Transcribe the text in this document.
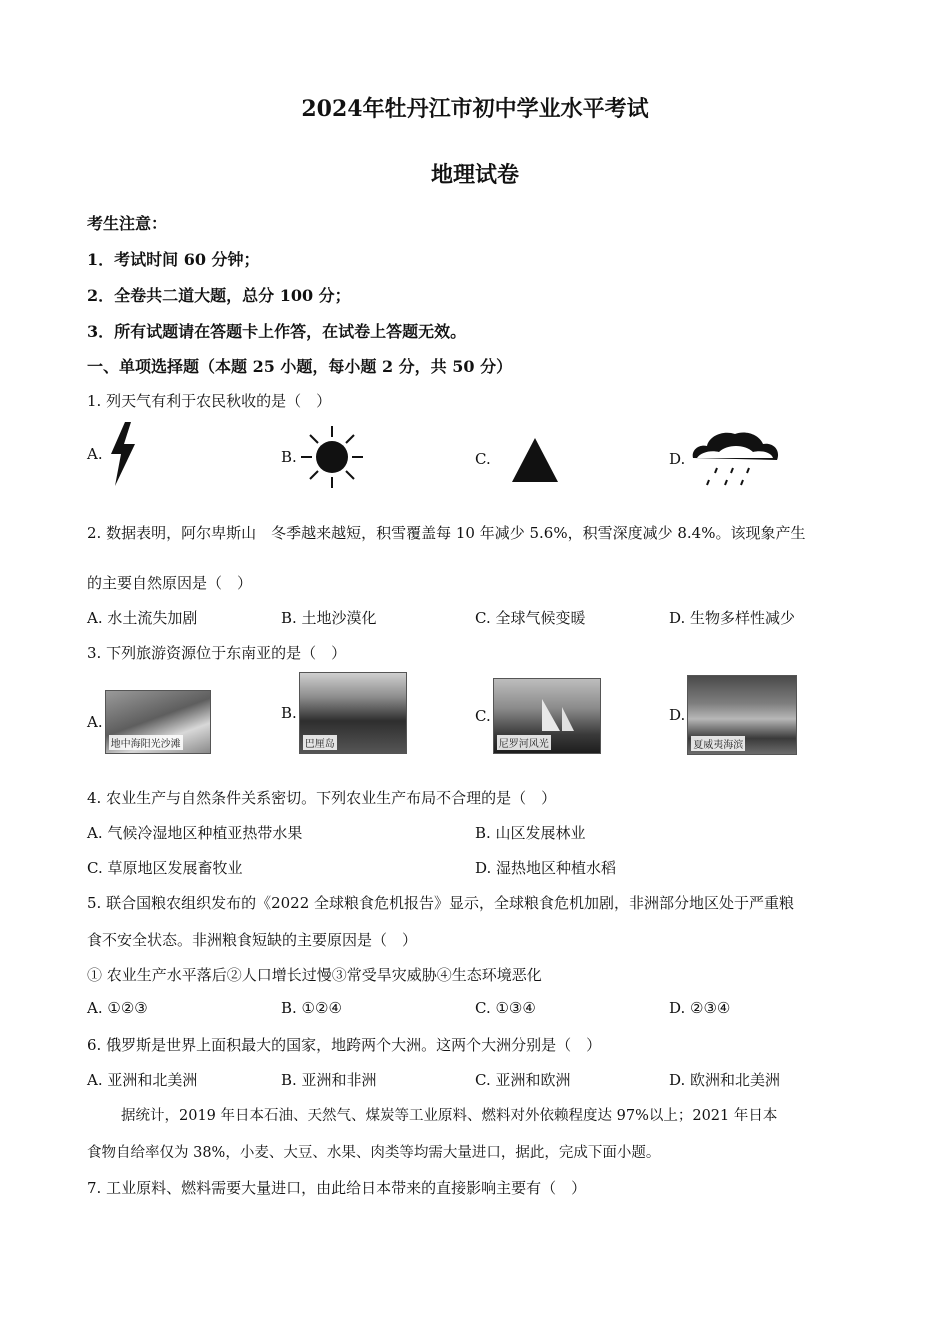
2024年牡丹江市初中学业水平考试
地理试卷
考生注意：
1．考试时间 60 分钟；
2．全卷共二道大题，总分 100 分；
3．所有试题请在答题卡上作答，在试卷上答题无效。
一、单项选择题（本题 25 小题，每小题 2 分，共 50 分）
1. 列天气有利于农民秋收的是（　）
A.	B.	C.	D.
2. 数据表明，阿尔卑斯山　冬季越来越短，积雪覆盖每 10 年减少 5.6%，积雪深度减少 8.4%。该现象产生
的主要自然原因是（　）
A. 水土流失加剧	B. 土地沙漠化	C. 全球气候变暖	D. 生物多样性减少
3. 下列旅游资源位于东南亚的是（　）
A.
地中海阳光沙滩
B.
巴厘岛
C.
尼罗河风光
D.
夏威夷海滨
4. 农业生产与自然条件关系密切。下列农业生产布局不合理的是（　）
A. 气候冷湿地区种植亚热带水果	B. 山区发展林业
C. 草原地区发展畜牧业	D. 湿热地区种植水稻
5. 联合国粮农组织发布的《2022 全球粮食危机报告》显示，全球粮食危机加剧，非洲部分地区处于严重粮
食不安全状态。非洲粮食短缺的主要原因是（　）
① 农业生产水平落后②人口增长过慢③常受旱灾威胁④生态环境恶化
A. ①②③	B. ①②④	C. ①③④	D. ②③④
6. 俄罗斯是世界上面积最大的国家，地跨两个大洲。这两个大洲分别是（　）
A. 亚洲和北美洲	B. 亚洲和非洲	C. 亚洲和欧洲	D. 欧洲和北美洲
据统计，2019 年日本石油、天然气、煤炭等工业原料、燃料对外依赖程度达 97%以上；2021 年日本
食物自给率仅为 38%，小麦、大豆、水果、肉类等均需大量进口，据此，完成下面小题。
7. 工业原料、燃料需要大量进口，由此给日本带来的直接影响主要有（　）
